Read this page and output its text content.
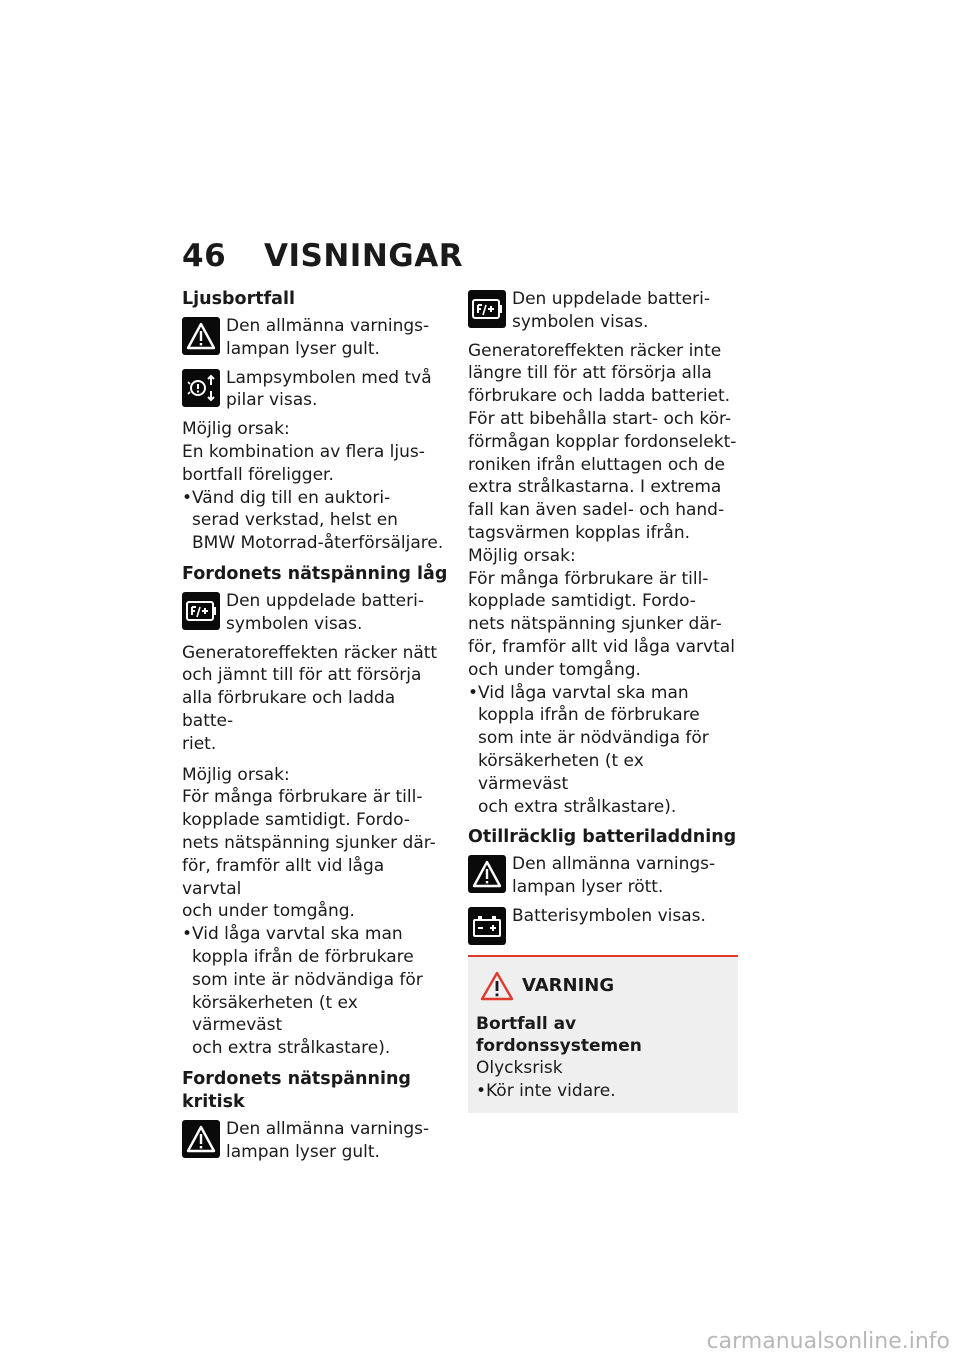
46 VISNINGAR

Ljusbortfall

Den allmänna varnings-
lampan lyser gult.
Lampsymbolen med två
pilar visas.

Möjlig orsak:

En kombination av flera ljus-

bortfall föreligger.

• Vänd dig till en auktori-
serad verkstad, helst en
BMW Motorrad-återförsäljare.

Fordonets nätspänning låg

Den uppdelade batteri-
symbolen visas.

Generatoreffekten räcker nätt

och jämnt till för att försörja

alla förbrukare och ladda batte-

riet.

Möjlig orsak:

För många förbrukare är till-

kopplade samtidigt. Fordo-

nets nätspänning sjunker där-

för, framför allt vid låga varvtal

och under tomgång.

• Vid låga varvtal ska man
koppla ifrån de förbrukare
som inte är nödvändiga för
körsäkerheten (t ex värmeväst
och extra strålkastare).

Fordonets nätspänning kritisk

Den allmänna varnings-
lampan lyser gult.
Den uppdelade batteri-
symbolen visas.

Generatoreffekten räcker inte

längre till för att försörja alla

förbrukare och ladda batteriet.

För att bibehålla start- och kör-

förmågan kopplar fordonselekt-

roniken ifrån eluttagen och de

extra strålkastarna. I extrema

fall kan även sadel- och hand-

tagsvärmen kopplas ifrån.

Möjlig orsak:

För många förbrukare är till-

kopplade samtidigt. Fordo-

nets nätspänning sjunker där-

för, framför allt vid låga varvtal

och under tomgång.

• Vid låga varvtal ska man
koppla ifrån de förbrukare
som inte är nödvändiga för
körsäkerheten (t ex värmeväst
och extra strålkastare).

Otillräcklig batteriladdning

Den allmänna varnings-
lampan lyser rött.
Batterisymbolen visas.
VARNING
Bortfall av fordonssystemen
Olycksrisk
• Kör inte vidare.
carmanualsonline.info
